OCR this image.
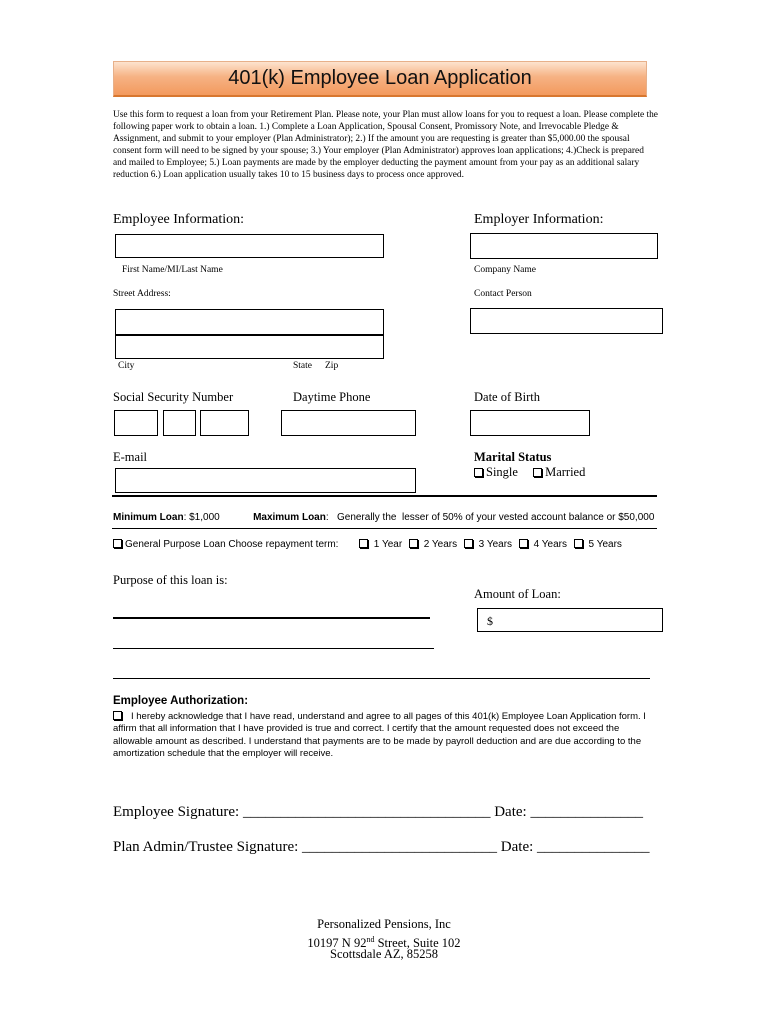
401(k) Employee Loan Application
Use this form to request a loan from your Retirement Plan. Please note, your Plan must allow loans for you to request a loan. Please complete the following paper work to obtain a loan. 1.) Complete a Loan Application, Spousal Consent, Promissory Note, and Irrevocable Pledge & Assignment, and submit to your employer (Plan Administrator); 2.) If the amount you are requesting is greater than $5,000.00 the spousal consent form will need to be signed by your spouse; 3.) Your employer (Plan Administrator) approves loan applications; 4.)Check is prepared and mailed to Employee; 5.) Loan payments are made by the employer deducting the payment amount from your pay as an additional salary reduction 6.) Loan application usually takes 10 to 15 business days to process once approved.
Employee Information:
First Name/MI/Last Name
Street Address:
City	State Zip
Employer Information:
Company Name
Contact Person
Social Security Number	Daytime Phone	Date of Birth
E-mail	Marital Status
Single Married
Minimum Loan: $1,000	Maximum Loan:   Generally the  lesser of 50% of your vested account balance or $50,000
General Purpose Loan Choose repayment term:	1 Year 2 Years 3 Years 4 Years 5 Years
Purpose of this loan is:
Amount of Loan:
$
Employee Authorization:
I hereby acknowledge that I have read, understand and agree to all pages of this 401(k) Employee Loan Application form. I affirm that all information that I have provided is true and correct. I certify that the amount requested does not exceed the allowable amount as described. I understand that payments are to be made by payroll deduction and are due according to the amortization schedule that the employer will receive.
Employee Signature: _________________________________ Date: _______________
Plan Admin/Trustee Signature: __________________________ Date: _______________
Personalized Pensions, Inc
10197 N 92nd Street, Suite 102
Scottsdale AZ, 85258
